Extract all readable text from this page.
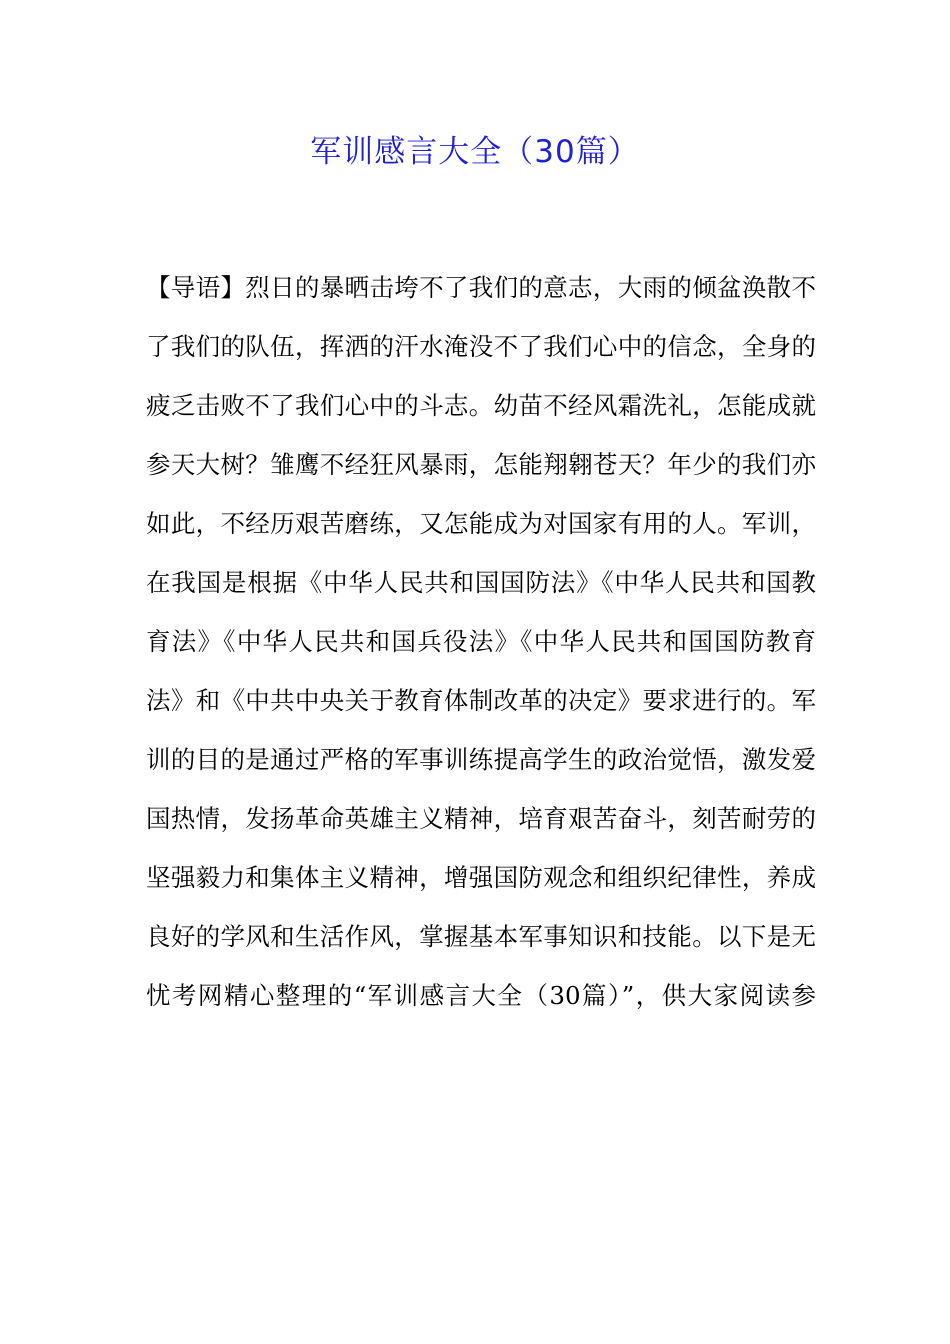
军训感言大全（30篇）
【导语】烈日的暴晒击垮不了我们的意志，大雨的倾盆涣散不
了我们的队伍，挥洒的汗水淹没不了我们心中的信念，全身的
疲乏击败不了我们心中的斗志。幼苗不经风霜洗礼，怎能成就
参天大树？雏鹰不经狂风暴雨，怎能翔翱苍天？年少的我们亦
如此，不经历艰苦磨练，又怎能成为对国家有用的人。军训，
在我国是根据《中华人民共和国国防法》《中华人民共和国教
育法》《中华人民共和国兵役法》《中华人民共和国国防教育
法》和《中共中央关于教育体制改革的决定》要求进行的。军
训的目的是通过严格的军事训练提高学生的政治觉悟，激发爱
国热情，发扬革命英雄主义精神，培育艰苦奋斗，刻苦耐劳的
坚强毅力和集体主义精神，增强国防观念和组织纪律性，养成
良好的学风和生活作风，掌握基本军事知识和技能。以下是无
忧考网精心整理的“军训感言大全（30篇）”，供大家阅读参
